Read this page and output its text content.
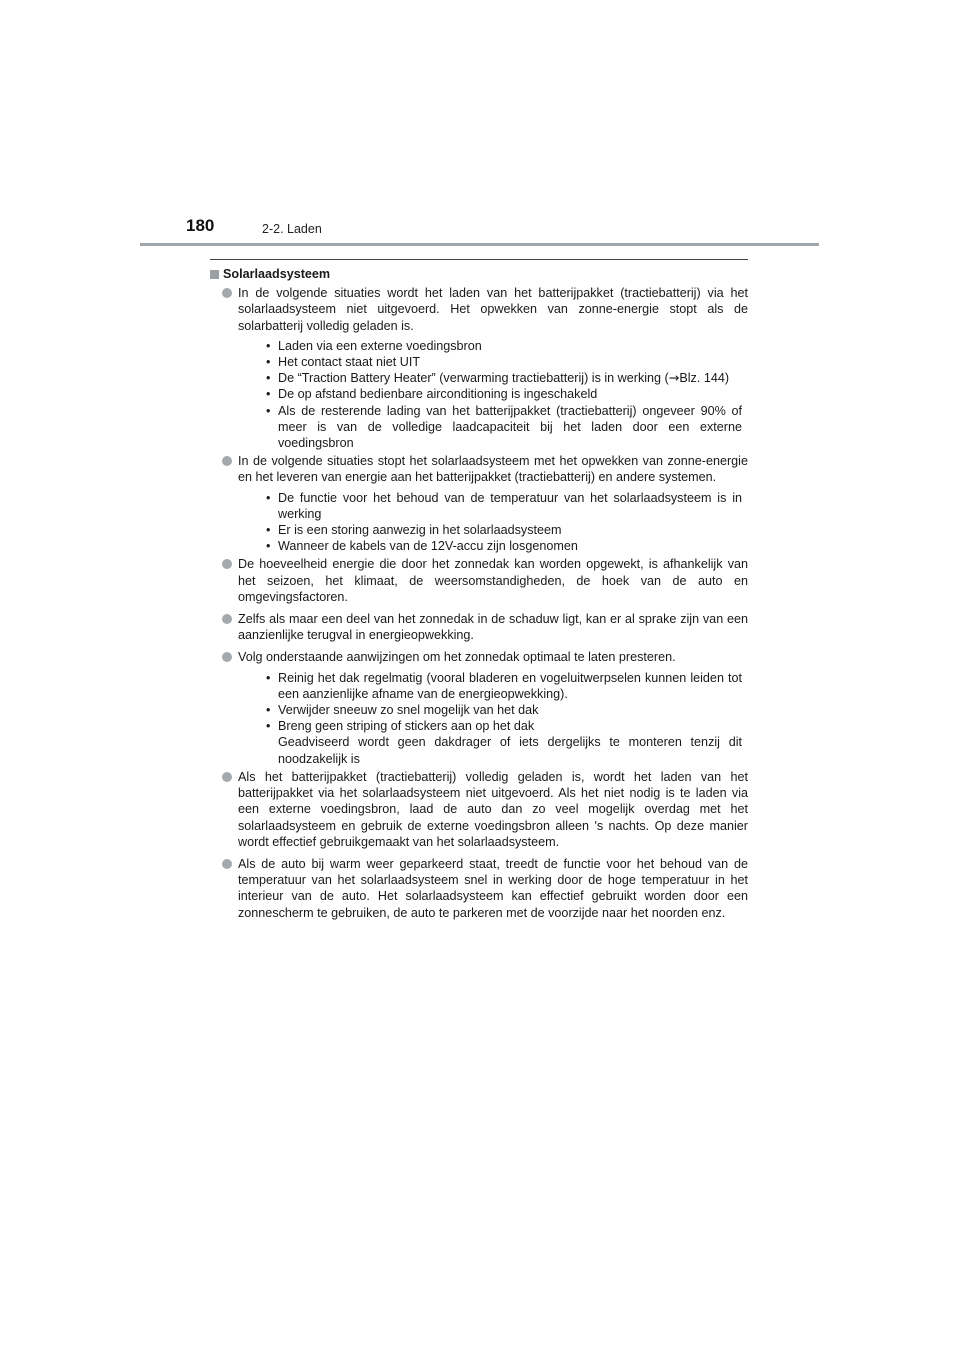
180	2-2. Laden
Solarlaadsysteem
In de volgende situaties wordt het laden van het batterijpakket (tractiebatterij) via het solarlaadsysteem niet uitgevoerd. Het opwekken van zonne-energie stopt als de solarbatterij volledig geladen is.
• Laden via een externe voedingsbron
• Het contact staat niet UIT
• De “Traction Battery Heater” (verwarming tractiebatterij) is in werking (→Blz. 144)
• De op afstand bedienbare airconditioning is ingeschakeld
• Als de resterende lading van het batterijpakket (tractiebatterij) ongeveer 90% of meer is van de volledige laadcapaciteit bij het laden door een externe voedingsbron
In de volgende situaties stopt het solarlaadsysteem met het opwekken van zonne-energie en het leveren van energie aan het batterijpakket (tractiebatterij) en andere systemen.
• De functie voor het behoud van de temperatuur van het solarlaadsysteem is in werking
• Er is een storing aanwezig in het solarlaadsysteem
• Wanneer de kabels van de 12V-accu zijn losgenomen
De hoeveelheid energie die door het zonnedak kan worden opgewekt, is afhankelijk van het seizoen, het klimaat, de weersomstandigheden, de hoek van de auto en omgevingsfactoren.
Zelfs als maar een deel van het zonnedak in de schaduw ligt, kan er al sprake zijn van een aanzienlijke terugval in energieopwekking.
Volg onderstaande aanwijzingen om het zonnedak optimaal te laten presteren.
• Reinig het dak regelmatig (vooral bladeren en vogeluitwerpselen kunnen leiden tot een aanzienlijke afname van de energieopwekking).
• Verwijder sneeuw zo snel mogelijk van het dak
• Breng geen striping of stickers aan op het dak
Geadviseerd wordt geen dakdrager of iets dergelijks te monteren tenzij dit noodzakelijk is
Als het batterijpakket (tractiebatterij) volledig geladen is, wordt het laden van het batterijpakket via het solarlaadsysteem niet uitgevoerd. Als het niet nodig is te laden via een externe voedingsbron, laad de auto dan zo veel mogelijk overdag met het solarlaadsysteem en gebruik de externe voedingsbron alleen 's nachts. Op deze manier wordt effectief gebruikgemaakt van het solarlaadsysteem.
Als de auto bij warm weer geparkeerd staat, treedt de functie voor het behoud van de temperatuur van het solarlaadsysteem snel in werking door de hoge temperatuur in het interieur van de auto. Het solarlaadsysteem kan effectief gebruikt worden door een zonnescherm te gebruiken, de auto te parkeren met de voorzijde naar het noorden enz.
